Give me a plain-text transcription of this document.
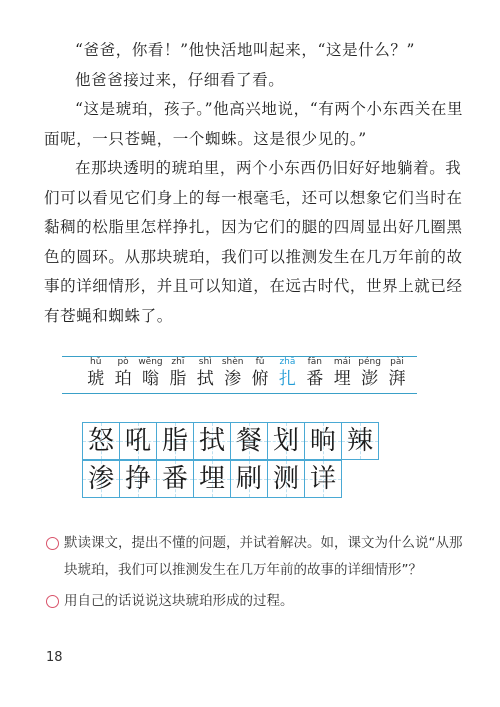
“爸爸，你看！”他快活地叫起来，“这是什么？”

他爸爸接过来，仔细看了看。

“这是琥珀，孩子。”他高兴地说，“有两个小东西关在里面呢，一只苍蝇，一个蜘蛛。这是很少见的。”

在那块透明的琥珀里，两个小东西仍旧好好地躺着。我们可以看见它们身上的每一根毫毛，还可以想象它们当时在黏稠的松脂里怎样挣扎，因为它们的腿的四周显出好几圈黑色的圆环。从那块琥珀，我们可以推测发生在几万年前的故事的详细情形，并且可以知道，在远古时代，世界上就已经有苍蝇和蜘蛛了。

hǔ
琥
pò
珀
wēng
嗡
zhī
脂
shì
拭
shèn
渗
fǔ
俯
zhā
扎
fān
番
mái
埋
péng
澎
pài
湃
怒 吼 脂 拭 餐 划 晌 辣
渗 挣 番 埋 刷 测 详
默读课文，提出不懂的问题，并试着解决。如，课文为什么说“从那块琥珀，我们可以推测发生在几万年前的故事的详细情形”？
用自己的话说说这块琥珀形成的过程。
18
